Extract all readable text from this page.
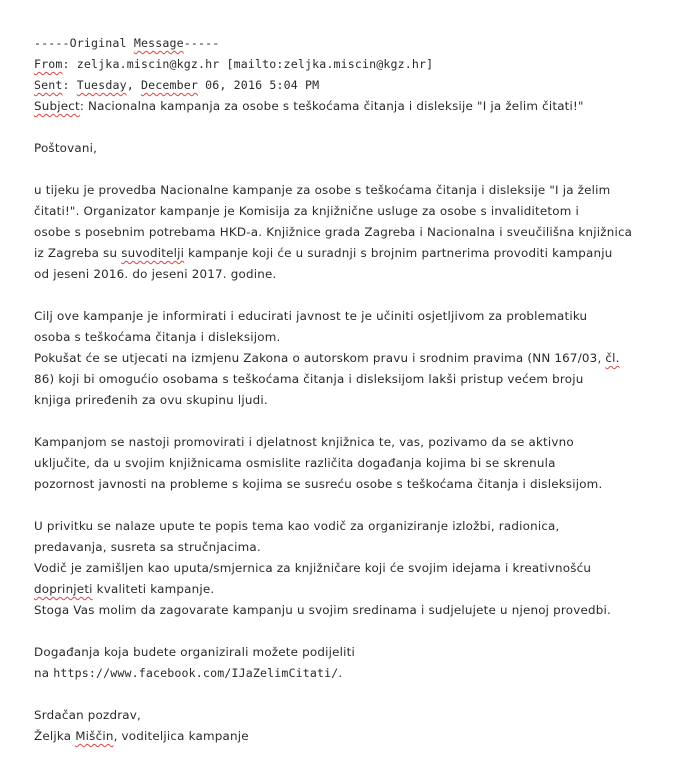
-----Original Message-----
From: zeljka.miscin@kgz.hr [mailto:zeljka.miscin@kgz.hr]
Sent: Tuesday, December 06, 2016 5:04 PM
Subject: Nacionalna kampanja za osobe s teškoćama čitanja i disleksije "I ja želim čitati!"
Poštovani,
u tijeku je provedba Nacionalne kampanje za osobe s teškoćama čitanja i disleksije "I ja želim
čitati!". Organizator kampanje je Komisija za knjižnične usluge za osobe s invaliditetom i
osobe s posebnim potrebama HKD-a. Knjižnice grada Zagreba i Nacionalna i sveučilišna knjižnica
iz Zagreba su suvoditelji kampanje koji će u suradnji s brojnim partnerima provoditi kampanju
od jeseni 2016. do jeseni 2017. godine.
Cilj ove kampanje je informirati i educirati javnost te je učiniti osjetljivom za problematiku
osoba s teškoćama čitanja i disleksijom.
Pokušat će se utjecati na izmjenu Zakona o autorskom pravu i srodnim pravima (NN 167/03, čl.
86) koji bi omogućio osobama s teškoćama čitanja i disleksijom lakši pristup većem broju
knjiga priređenih za ovu skupinu ljudi.
Kampanjom se nastoji promovirati i djelatnost knjižnica te, vas, pozivamo da se aktivno
uključite, da u svojim knjižnicama osmislite različita događanja kojima bi se skrenula
pozornost javnosti na probleme s kojima se susreću osobe s teškoćama čitanja i disleksijom.
U privitku se nalaze upute te popis tema kao vodič za organiziranje izložbi, radionica,
predavanja, susreta sa stručnjacima.
Vodič je zamišljen kao uputa/smjernica za knjižničare koji će svojim idejama i kreativnošću
doprinjeti kvaliteti kampanje.
Stoga Vas molim da zagovarate kampanju u svojim sredinama i sudjelujete u njenoj provedbi.
Događanja koja budete organizirali možete podijeliti
na https://www.facebook.com/IJaZelimCitati/.
Srdačan pozdrav,
Željka Miščin, voditeljica kampanje
